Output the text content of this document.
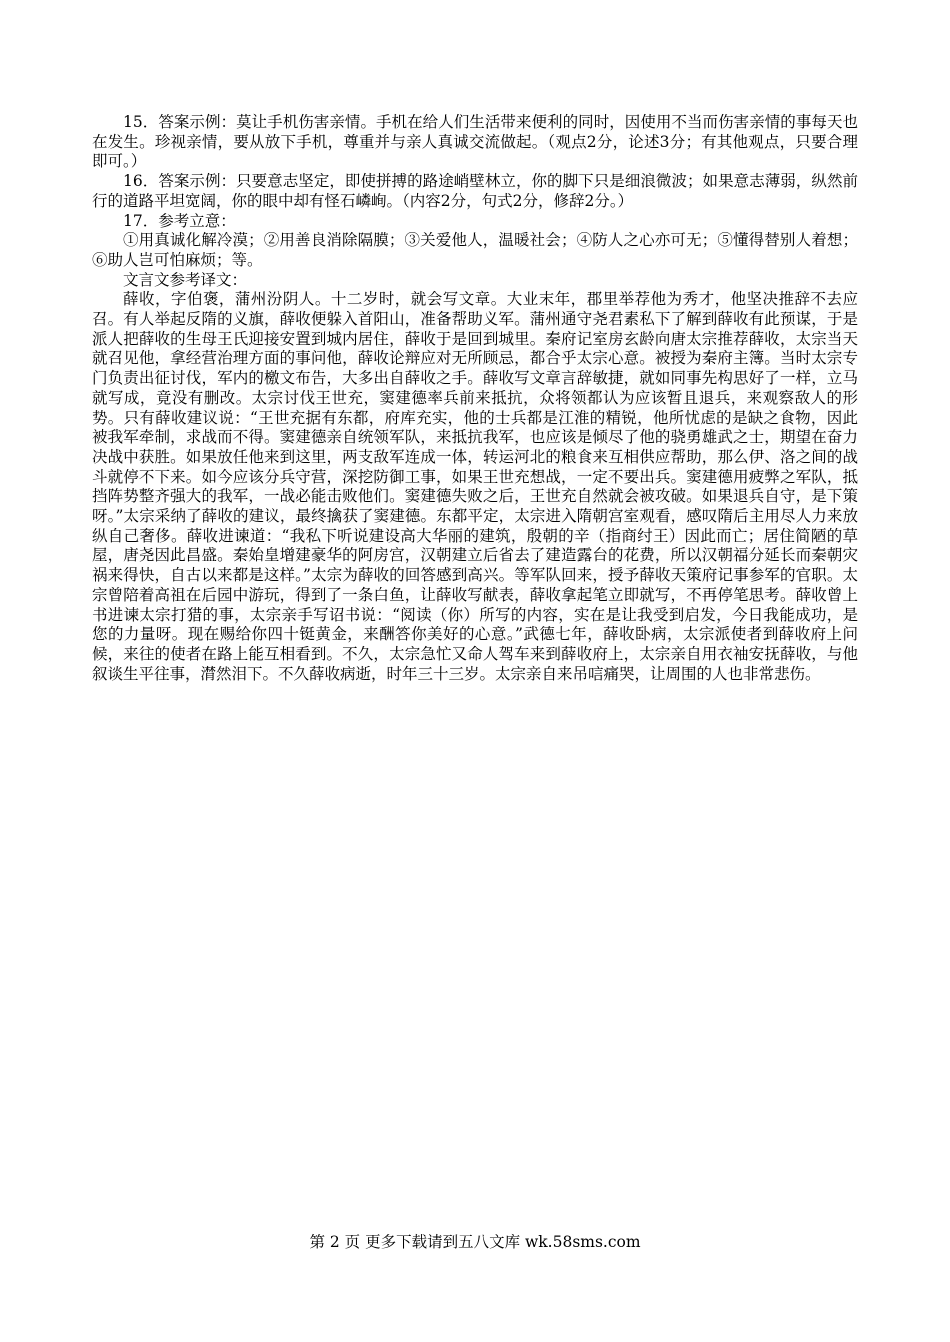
15．答案示例：莫让手机伤害亲情。手机在给人们生活带来便利的同时，因使用不当而伤害亲情的事每天也在发生。珍视亲情，要从放下手机，尊重并与亲人真诚交流做起。（观点2分，论述3分；有其他观点，只要合理即可。）

16．答案示例：只要意志坚定，即使拼搏的路途峭壁林立，你的脚下只是细浪微波；如果意志薄弱，纵然前行的道路平坦宽阔，你的眼中却有怪石嶙峋。（内容2分，句式2分，修辞2分。）

17．参考立意：

①用真诚化解冷漠；②用善良消除隔膜；③关爱他人，温暖社会；④防人之心亦可无；⑤懂得替别人着想；⑥助人岂可怕麻烦；等。

文言文参考译文：

薛收，字伯褒，蒲州汾阴人。十二岁时，就会写文章。大业末年，郡里举荐他为秀才，他坚决推辞不去应召。有人举起反隋的义旗，薛收便躲入首阳山，准备帮助义军。蒲州通守尧君素私下了解到薛收有此预谋，于是派人把薛收的生母王氏迎接安置到城内居住，薛收于是回到城里。秦府记室房玄龄向唐太宗推荐薛收，太宗当天就召见他，拿经营治理方面的事问他，薛收论辩应对无所顾忌，都合乎太宗心意。被授为秦府主簿。当时太宗专门负责出征讨伐，军内的檄文布告，大多出自薛收之手。薛收写文章言辞敏捷，就如同事先构思好了一样，立马就写成，竟没有删改。太宗讨伐王世充，窦建德率兵前来抵抗，众将领都认为应该暂且退兵，来观察敌人的形势。只有薛收建议说：“王世充据有东都，府库充实，他的士兵都是江淮的精锐，他所忧虑的是缺之食物，因此被我军牵制，求战而不得。窦建德亲自统领军队，来抵抗我军，也应该是倾尽了他的骁勇雄武之士，期望在奋力决战中获胜。如果放任他来到这里，两支敌军连成一体，转运河北的粮食来互相供应帮助，那么伊、洛之间的战斗就停不下来。如今应该分兵守营，深挖防御工事，如果王世充想战，一定不要出兵。窦建德用疲弊之军队，抵挡阵势整齐强大的我军，一战必能击败他们。窦建德失败之后，王世充自然就会被攻破。如果退兵自守，是下策呀。”太宗采纳了薛收的建议，最终擒获了窦建德。东都平定，太宗进入隋朝宫室观看，感叹隋后主用尽人力来放纵自己奢侈。薛收进谏道：“我私下听说建设高大华丽的建筑，殷朝的辛（指商纣王）因此而亡；居住简陋的草屋，唐尧因此昌盛。秦始皇增建豪华的阿房宫，汉朝建立后省去了建造露台的花费，所以汉朝福分延长而秦朝灾祸来得快，自古以来都是这样。”太宗为薛收的回答感到高兴。等军队回来，授予薛收天策府记事参军的官职。太宗曾陪着高祖在后园中游玩，得到了一条白鱼，让薛收写献表，薛收拿起笔立即就写，不再停笔思考。薛收曾上书进谏太宗打猎的事，太宗亲手写诏书说：“阅读（你）所写的内容，实在是让我受到启发，今日我能成功，是您的力量呀。现在赐给你四十铤黄金，来酬答你美好的心意。”武德七年，薛收卧病，太宗派使者到薛收府上问候，来往的使者在路上能互相看到。不久，太宗急忙又命人驾车来到薛收府上，太宗亲自用衣袖安抚薛收，与他叙谈生平往事，潸然泪下。不久薛收病逝，时年三十三岁。太宗亲自来吊唁痛哭，让周围的人也非常悲伤。

第 2 页 更多下载请到五八文库 wk.58sms.com
